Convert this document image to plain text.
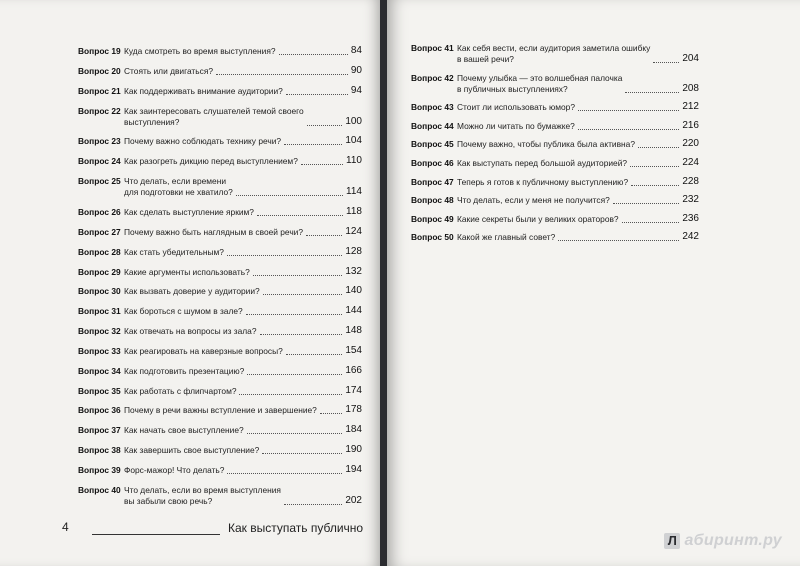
Вопрос 19 Куда смотреть во время выступления?	84
Вопрос 20 Стоять или двигаться?	90
Вопрос 21 Как поддерживать внимание аудитории?	94
Вопрос 22 Как заинтересовать слушателей темой своего
выступления?	100
Вопрос 23 Почему важно соблюдать технику речи?	104
Вопрос 24 Как разогреть дикцию перед выступлением?	110
Вопрос 25 Что делать, если времени
для подготовки не хватило?	114
Вопрос 26 Как сделать выступление ярким?	118
Вопрос 27 Почему важно быть наглядным в своей речи?	124
Вопрос 28 Как стать убедительным?	128
Вопрос 29 Какие аргументы использовать?	132
Вопрос 30 Как вызвать доверие у аудитории?	140
Вопрос 31 Как бороться с шумом в зале?	144
Вопрос 32 Как отвечать на вопросы из зала?	148
Вопрос 33 Как реагировать на каверзные вопросы?	154
Вопрос 34 Как подготовить презентацию?	166
Вопрос 35 Как работать с флипчартом?	174
Вопрос 36 Почему в речи важны вступление и завершение?	178
Вопрос 37 Как начать свое выступление?	184
Вопрос 38 Как завершить свое выступление?	190
Вопрос 39 Форс-мажор! Что делать?	194
Вопрос 40 Что делать, если во время выступления
вы забыли свою речь?	202
4	Как выступать публично
Вопрос 41 Как себя вести, если аудитория заметила ошибку
в вашей речи?	204
Вопрос 42 Почему улыбка — это волшебная палочка
в публичных выступлениях?	208
Вопрос 43 Стоит ли использовать юмор?	212
Вопрос 44 Можно ли читать по бумажке?	216
Вопрос 45 Почему важно, чтобы публика была активна?	220
Вопрос 46 Как выступать перед большой аудиторией?	224
Вопрос 47 Теперь я готов к публичному выступлению?	228
Вопрос 48 Что делать, если у меня не получится?	232
Вопрос 49 Какие секреты были у великих ораторов?	236
Вопрос 50 Какой же главный совет?	242
Л абиринт.ру
